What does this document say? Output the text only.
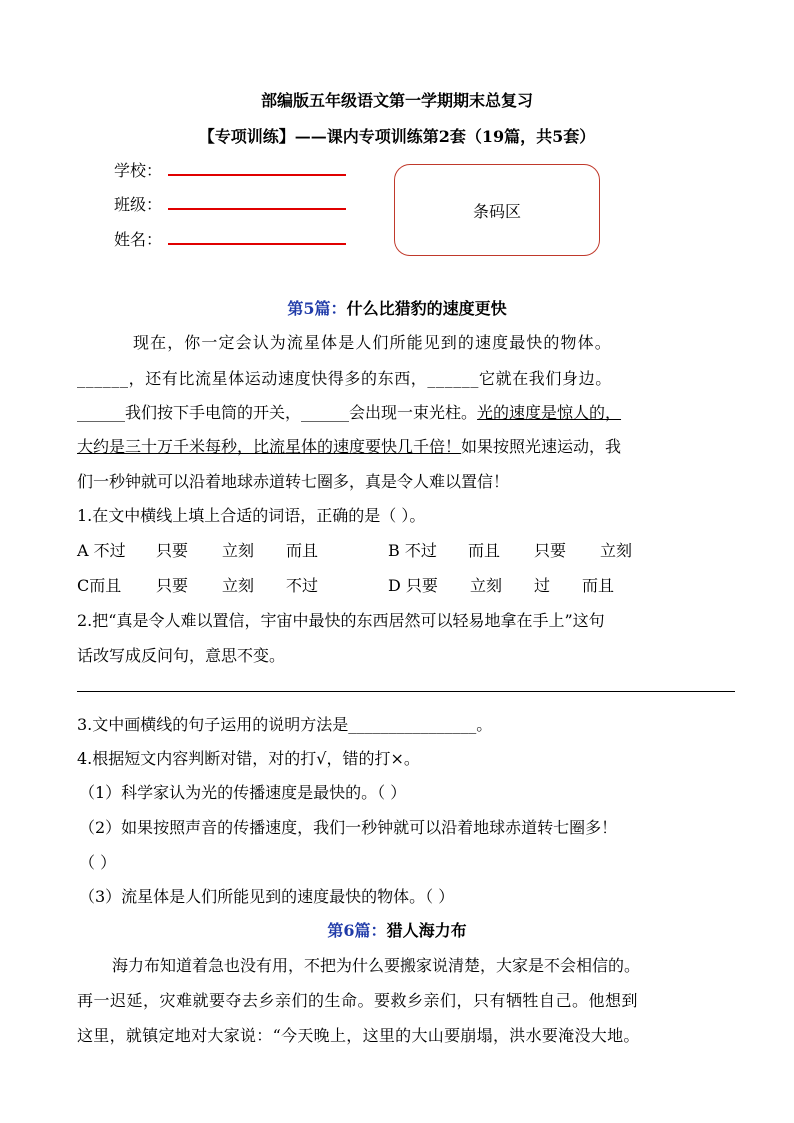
部编版五年级语文第一学期期末总复习
【专项训练】——课内专项训练第2套（19篇，共5套）
学校：
班级：
姓名：
条码区
第5篇：什么比猎豹的速度更快
现在，你一定会认为流星体是人们所能见到的速度最快的物体。
______，还有比流星体运动速度快得多的东西，______它就在我们身边。
______我们按下手电筒的开关，______会出现一束光柱。光的速度是惊人的，
大约是三十万千米每秒，比流星体的速度要快几千倍！如果按照光速运动，我
们一秒钟就可以沿着地球赤道转七圈多，真是令人难以置信！
1.在文中横线上填上合适的词语，正确的是（ ）。
A 不过 只要 立刻 而且	B 不过 而且 只要 立刻
C而且 只要 立刻 不过	D 只要 立刻 过 而且
2.把“真是令人难以置信，宇宙中最快的东西居然可以轻易地拿在手上”这句
话改写成反问句，意思不变。
3.文中画横线的句子运用的说明方法是________________。
4.根据短文内容判断对错，对的打√，错的打×。
（1）科学家认为光的传播速度是最快的。（ ）
（2）如果按照声音的传播速度，我们一秒钟就可以沿着地球赤道转七圈多！
（ ）
（3）流星体是人们所能见到的速度最快的物体。（ ）
第6篇：猎人海力布
海力布知道着急也没有用，不把为什么要搬家说清楚，大家是不会相信的。
再一迟延，灾难就要夺去乡亲们的生命。要救乡亲们，只有牺牲自己。他想到
这里，就镇定地对大家说：“今天晚上，这里的大山要崩塌，洪水要淹没大地。
